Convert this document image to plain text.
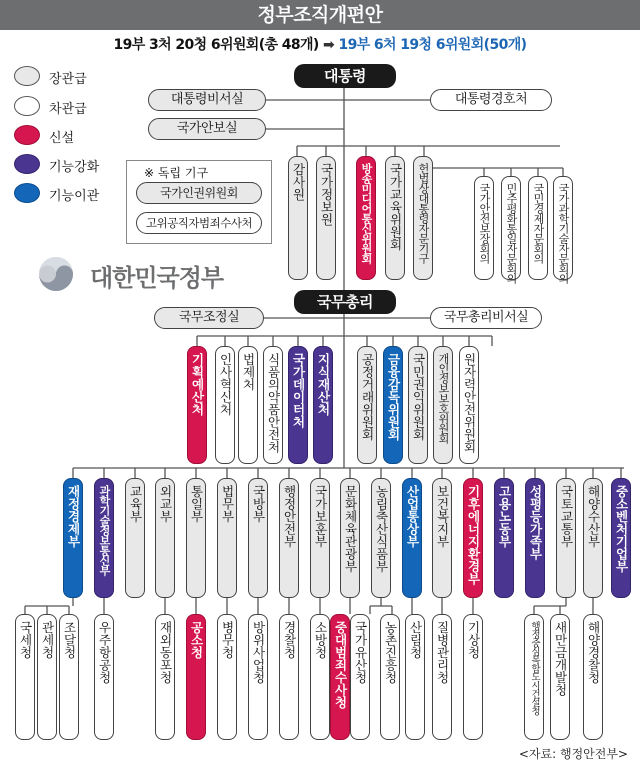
정부조직개편안
19부 3처 20청 6위원회(총 48개) ➡ 19부 6처 19청 6위원회(50개)
장관급
차관급
신설
기능강화
기능이관
대통령
대통령비서실
국가안보실
대통령경호처
※ 독립 기구
국가인권위원회
고위공직자범죄수사처
감사원 국가정보원	방송미디어통신위원회 국가교육위원회	헌법상대통령자문기구	국가안전보장회의	민주평화통일자문회의	국민경제자문회의	국가과학기술자문회의
대한민국정부
국무총리
국무조정실	국무총리비서실
기획예산처 인사혁신처 법제처 식품의약품안전처 국가데이터처 지식재산처 공정거래위원회 금융감독위원회 국민권익위원회	개인정보보호위원회 원자력안전위원회
재정경제부	과학기술정보통신부 교육부 외교부 통일부 법무부 국방부 행정안전부 국가보훈부 문화체육관광부 농림축산식품부 산업통상부 보건복지부 기후에너지환경부 고용노동부 성평등가족부 국토교통부 해양수산부 중소벤처기업부
국세청 관세청 조달청 우주항공청	재외동포청 공소청 병무청 방위사업청 경찰청 소방청 중대범죄수사청 국가유산청 농촌진흥청 산림청 질병관리청 기상청	행정중심복합도시건설청	새만금개발청 해양경찰청
<자료: 행정안전부>
